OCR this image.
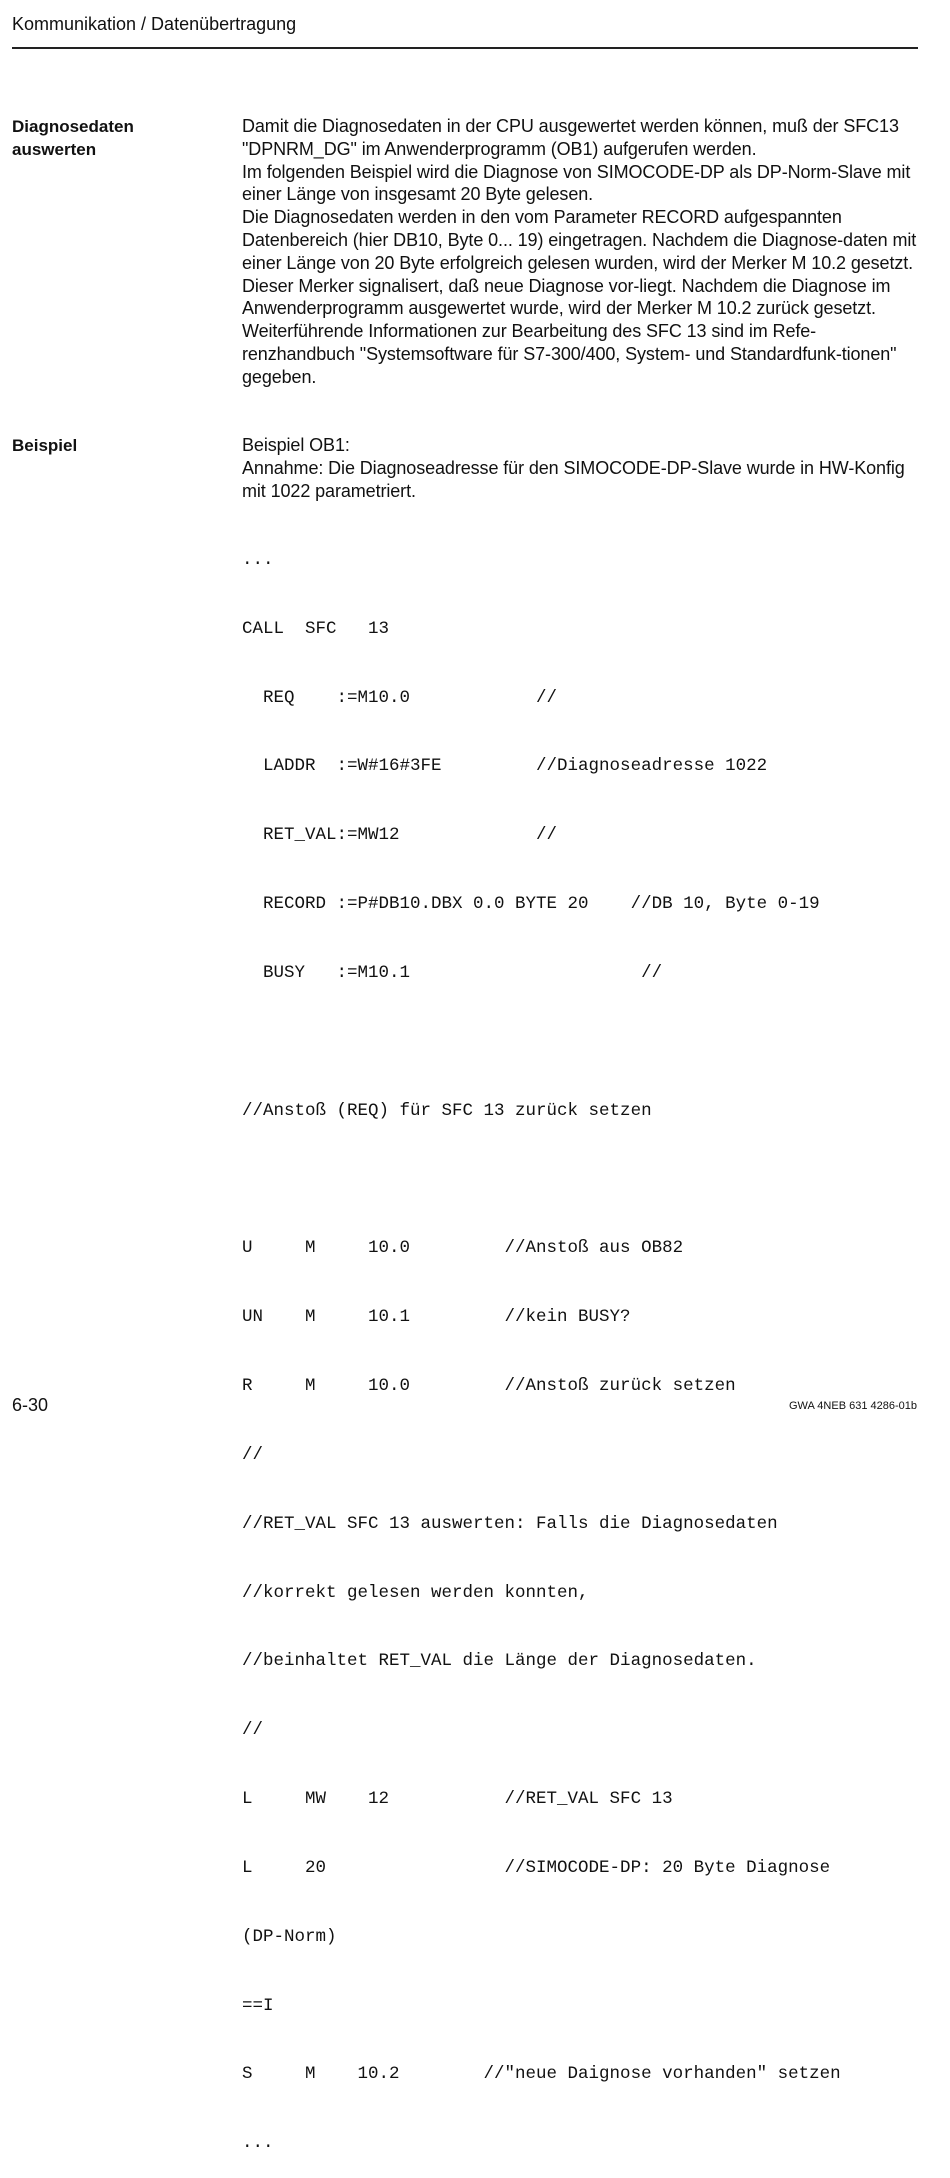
Kommunikation / Datenübertragung
Diagnosedaten
auswerten

Damit die Diagnosedaten in der CPU ausgewertet werden können, muß der SFC13 "DPNRM_DG" im Anwenderprogramm (OB1) aufgerufen werden.

Im folgenden Beispiel wird die Diagnose von SIMOCODE-DP als DP-Norm-Slave mit einer Länge von insgesamt 20 Byte gelesen.

Die Diagnosedaten werden in den vom Parameter RECORD aufgespannten Datenbereich (hier DB10, Byte 0... 19) eingetragen. Nachdem die Diagnose-daten mit einer Länge von 20 Byte erfolgreich gelesen wurden, wird der Merker M 10.2 gesetzt. Dieser Merker signalisert, daß neue Diagnose vor-liegt. Nachdem die Diagnose im Anwenderprogramm ausgewertet wurde, wird der Merker M 10.2 zurück gesetzt.

Weiterführende Informationen zur Bearbeitung des SFC 13 sind im Refe-renzhandbuch "Systemsoftware für S7-300/400, System- und Standardfunk-tionen" gegeben.

Beispiel	Beispiel OB1:

Annahme: Die Diagnoseadresse für den SIMOCODE-DP-Slave wurde in HW-Konfig mit 1022 parametriert.

...

CALL  SFC   13

REQ    :=M10.0            //

LADDR  :=W#16#3FE         //Diagnoseadresse 1022

RET_VAL:=MW12             //

RECORD :=P#DB10.DBX 0.0 BYTE 20    //DB 10, Byte 0-19

BUSY   :=M10.1                      //

//Anstoß (REQ) für SFC 13 zurück setzen

U     M     10.0         //Anstoß aus OB82

UN    M     10.1         //kein BUSY?

R     M     10.0         //Anstoß zurück setzen

//

//RET_VAL SFC 13 auswerten: Falls die Diagnosedaten

//korrekt gelesen werden konnten,

//beinhaltet RET_VAL die Länge der Diagnosedaten.

//

L     MW    12           //RET_VAL SFC 13

L     20                 //SIMOCODE-DP: 20 Byte Diagnose

(DP-Norm)

==I

S     M    10.2        //"neue Daignose vorhanden" setzen

...

6-30	GWA 4NEB 631 4286-01b
